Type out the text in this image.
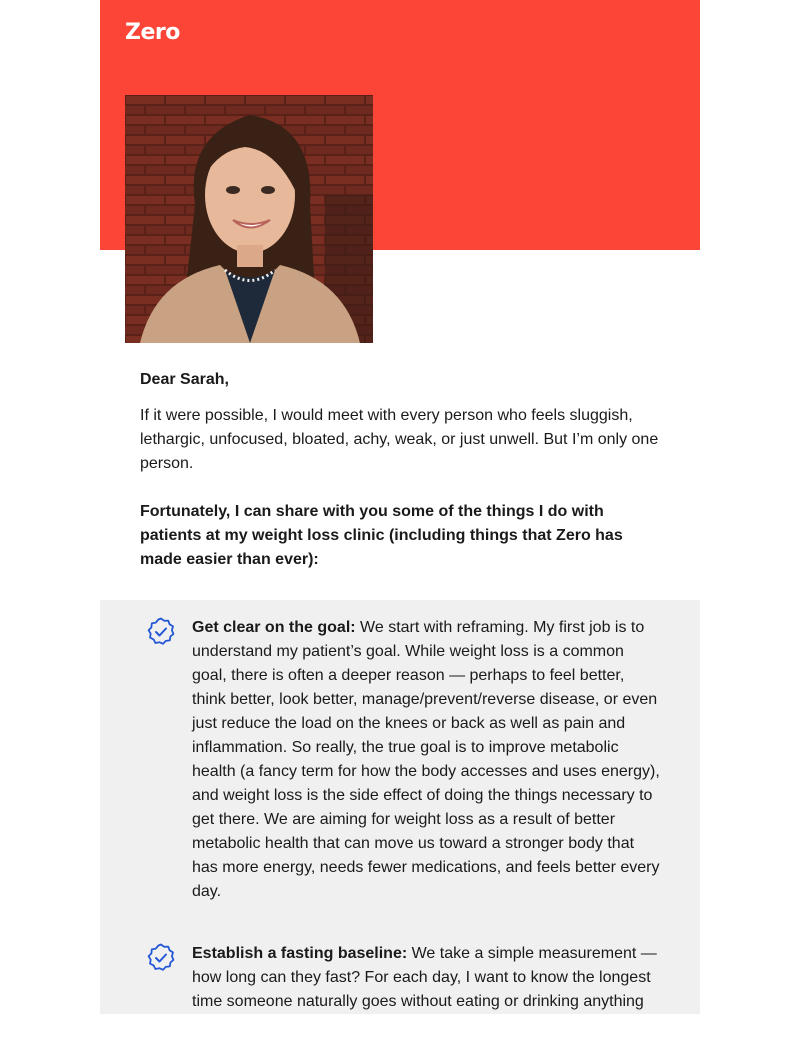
Zero

Dear Sarah,

If it were possible, I would meet with every person who feels sluggish, lethargic, unfocused, bloated, achy, weak, or just unwell. But I’m only one person.

Fortunately, I can share with you some of the things I do with patients at my weight loss clinic (including things that Zero has made easier than ever):

Get clear on the goal: We start with reframing. My first job is to understand my patient’s goal. While weight loss is a common goal, there is often a deeper reason — perhaps to feel better, think better, look better, manage/prevent/reverse disease, or even just reduce the load on the knees or back as well as pain and inflammation. So really, the true goal is to improve metabolic health (a fancy term for how the body accesses and uses energy), and weight loss is the side effect of doing the things necessary to get there. We are aiming for weight loss as a result of better metabolic health that can move us toward a stronger body that has more energy, needs fewer medications, and feels better every day.

Establish a fasting baseline: We take a simple measurement — how long can they fast? For each day, I want to know the longest time someone naturally goes without eating or drinking anything
